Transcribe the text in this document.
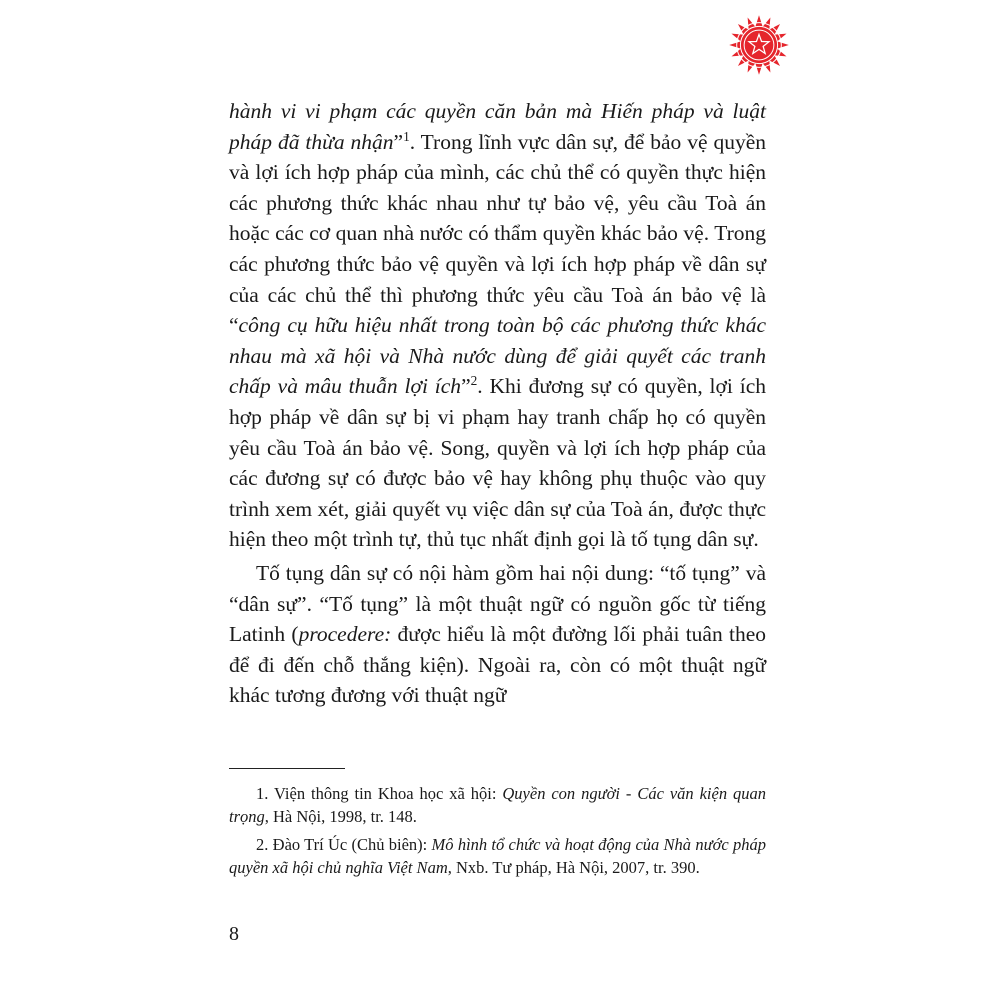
hành vi vi phạm các quyền căn bản mà Hiến pháp và luật pháp đã thừa nhận”$^1$. Trong lĩnh vực dân sự, để bảo vệ quyền và lợi ích hợp pháp của mình, các chủ thể có quyền thực hiện các phương thức khác nhau như tự bảo vệ, yêu cầu Toà án hoặc các cơ quan nhà nước có thẩm quyền khác bảo vệ. Trong các phương thức bảo vệ quyền và lợi ích hợp pháp về dân sự của các chủ thể thì phương thức yêu cầu Toà án bảo vệ là “công cụ hữu hiệu nhất trong toàn bộ các phương thức khác nhau mà xã hội và Nhà nước dùng để giải quyết các tranh chấp và mâu thuẫn lợi ích”$^2$. Khi đương sự có quyền, lợi ích hợp pháp về dân sự bị vi phạm hay tranh chấp họ có quyền yêu cầu Toà án bảo vệ. Song, quyền và lợi ích hợp pháp của các đương sự có được bảo vệ hay không phụ thuộc vào quy trình xem xét, giải quyết vụ việc dân sự của Toà án, được thực hiện theo một trình tự, thủ tục nhất định gọi là tố tụng dân sự.

Tố tụng dân sự có nội hàm gồm hai nội dung: “tố tụng” và “dân sự”. “Tố tụng” là một thuật ngữ có nguồn gốc từ tiếng Latinh (procedere: được hiểu là một đường lối phải tuân theo để đi đến chỗ thắng kiện). Ngoài ra, còn có một thuật ngữ khác tương đương với thuật ngữ

1. Viện thông tin Khoa học xã hội: Quyền con người - Các văn kiện quan trọng, Hà Nội, 1998, tr. 148.

2. Đào Trí Úc (Chủ biên): Mô hình tổ chức và hoạt động của Nhà nước pháp quyền xã hội chủ nghĩa Việt Nam, Nxb. Tư pháp, Hà Nội, 2007, tr. 390.

8
